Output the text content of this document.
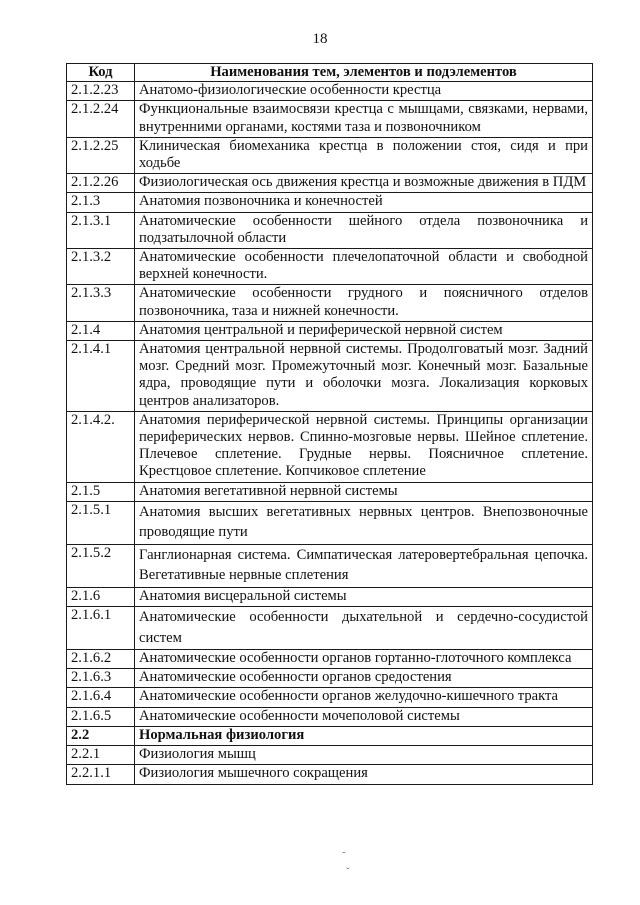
18
Код	Наименования тем, элементов и подэлементов
2.1.2.23	Анатомо-физиологические особенности крестца
2.1.2.24	Функциональные взаимосвязи крестца с мышцами, связками, нервами, внутренними органами, костями таза и позвоночником
2.1.2.25	Клиническая биомеханика крестца в положении стоя, сидя и при ходьбе
2.1.2.26	Физиологическая ось движения крестца и возможные движения в ПДМ
2.1.3	Анатомия позвоночника и конечностей
2.1.3.1	Анатомические особенности шейного отдела позвоночника и подзатылочной области
2.1.3.2	Анатомические особенности плечелопаточной области и свободной верхней конечности.
2.1.3.3	Анатомические особенности грудного и поясничного отделов позвоночника, таза и нижней конечности.
2.1.4	Анатомия центральной и периферической нервной систем
2.1.4.1	Анатомия центральной нервной системы. Продолговатый мозг. Задний мозг. Средний мозг. Промежуточный мозг. Конечный мозг. Базальные ядра, проводящие пути и оболочки мозга. Локализация корковых центров анализаторов.
2.1.4.2.	Анатомия периферической нервной системы. Принципы организации периферических нервов. Спинно-мозговые нервы. Шейное сплетение. Плечевое сплетение. Грудные нервы. Поясничное сплетение. Крестцовое сплетение. Копчиковое сплетение
2.1.5	Анатомия вегетативной нервной системы
2.1.5.1	Анатомия высших вегетативных нервных центров. Внепозвоночные проводящие пути
2.1.5.2	Ганглионарная система. Симпатическая латеровертебральная цепочка. Вегетативные нервные сплетения
2.1.6	Анатомия висцеральной системы
2.1.6.1	Анатомические особенности дыхательной и сердечно-сосудистой систем
2.1.6.2	Анатомические особенности органов гортанно-глоточного комплекса
2.1.6.3	Анатомические особенности органов средостения
2.1.6.4	Анатомические особенности органов желудочно-кишечного тракта
2.1.6.5	Анатомические особенности мочеполовой системы
2.2	Нормальная физиология
2.2.1	Физиология мышц
2.2.1.1	Физиология мышечного сокращения
-
ˇ
